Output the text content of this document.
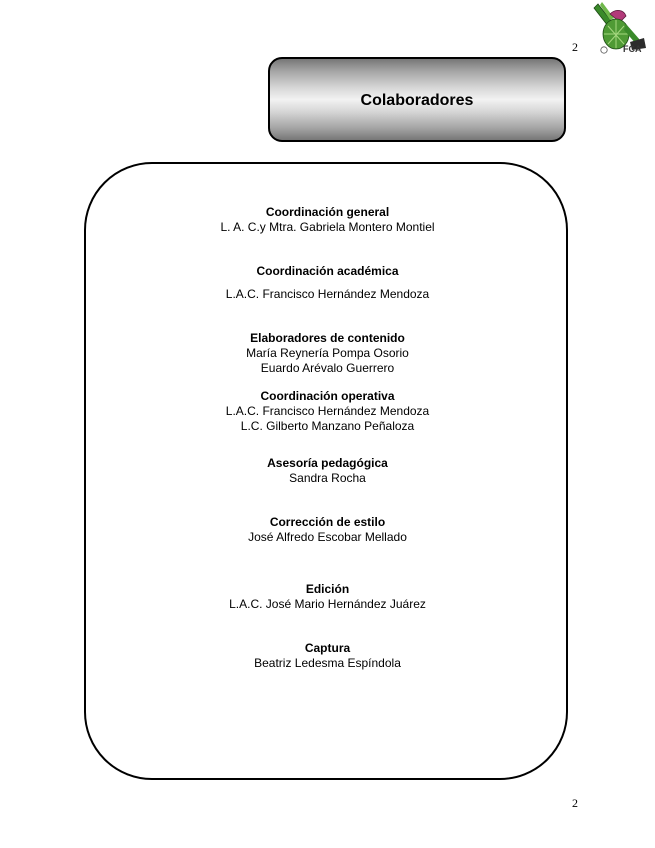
2	FCA
Colaboradores
Coordinación general
L. A. C.y Mtra. Gabriela Montero Montiel
Coordinación académica
L.A.C. Francisco Hernández Mendoza
Elaboradores de contenido
María Reynería Pompa Osorio
Euardo Arévalo Guerrero
Coordinación operativa
L.A.C. Francisco Hernández Mendoza
L.C. Gilberto Manzano Peñaloza
Asesoría pedagógica
Sandra Rocha
Corrección de estilo
José Alfredo Escobar Mellado
Edición
L.A.C. José Mario Hernández Juárez
Captura
Beatriz Ledesma Espíndola
2
